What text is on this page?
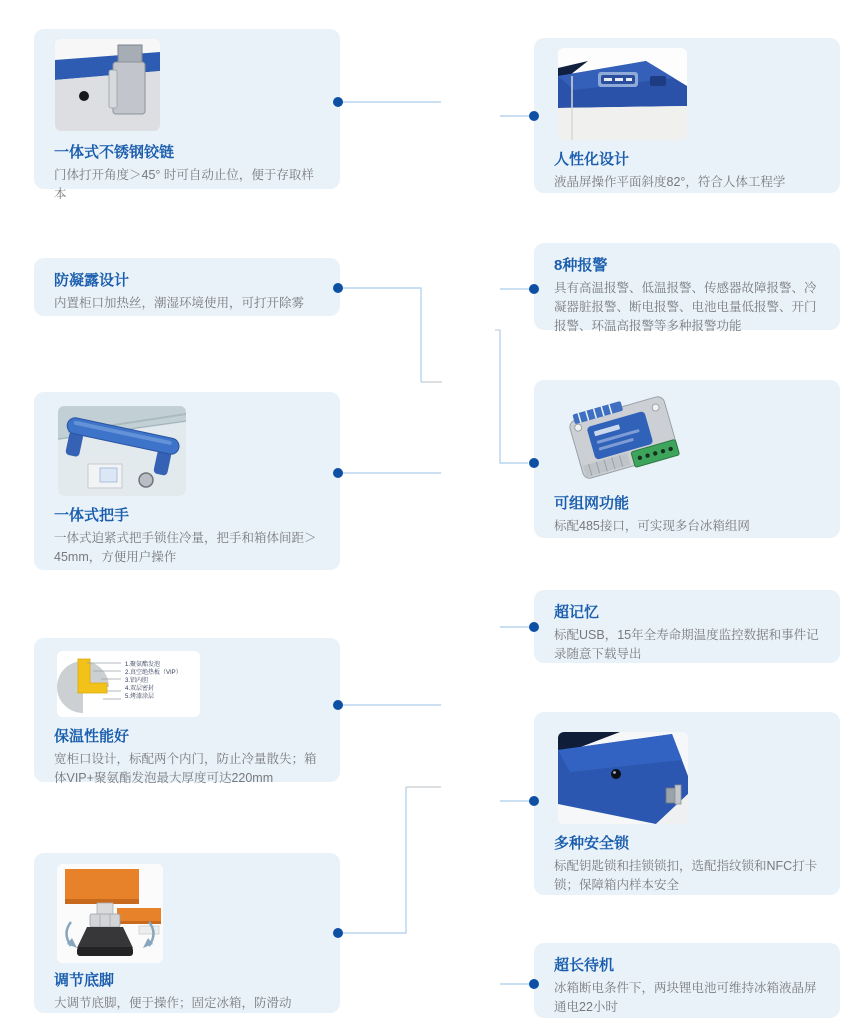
一体式不锈钢铰链

门体打开角度＞45° 时可自动止位，便于存取样本

防凝露设计

内置柜口加热丝，潮湿环境使用，可打开除雾

一体式把手

一体式迫紧式把手锁住冷量，把手和箱体间距＞45mm，方便用户操作

1.聚氨酯发泡
2.真空绝热板（VIP）
3.铝内胆
4.双层密封
5.烤漆涂层

保温性能好

宽柜口设计，标配两个内门，防止冷量散失；箱体VIP+聚氨酯发泡最大厚度可达220mm

调节底脚

大调节底脚，便于操作；固定冰箱，防滑动

人性化设计

液晶屏操作平面斜度82°，符合人体工程学

8种报警

具有高温报警、低温报警、传感器故障报警、冷凝器脏报警、断电报警、电池电量低报警、开门报警、环温高报警等多种报警功能

可组网功能

标配485接口，可实现多台冰箱组网

超记忆

标配USB，15年全寿命期温度监控数据和事件记录随意下载导出

多种安全锁

标配钥匙锁和挂锁锁扣，选配指纹锁和NFC打卡锁；保障箱内样本安全

超长待机

冰箱断电条件下，两块锂电池可维持冰箱液晶屏通电22小时
